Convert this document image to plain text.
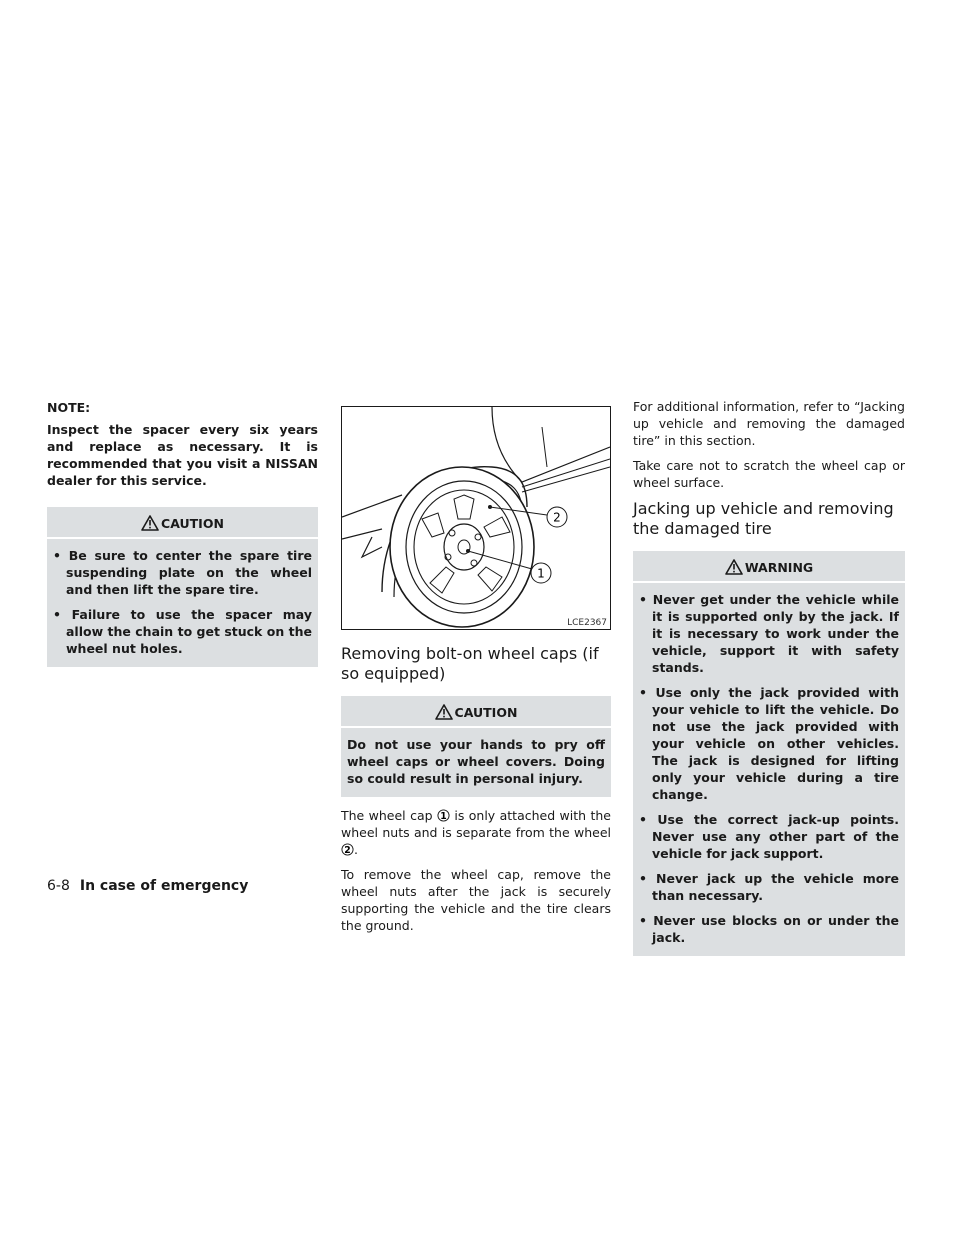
NOTE:
Inspect the spacer every six years and replace as necessary. It is recommended that you visit a NISSAN dealer for this service.
CAUTION
• Be sure to center the spare tire suspending plate on the wheel and then lift the spare tire.
• Failure to use the spacer may allow the chain to get stuck on the wheel nut holes.
2
1
LCE2367
Removing bolt-on wheel caps (if so equipped)
CAUTION
Do not use your hands to pry off wheel caps or wheel covers. Doing so could result in personal injury.
The wheel cap 1 is only attached with the wheel nuts and is separate from the wheel
2 .
To remove the wheel cap, remove the wheel nuts after the jack is securely supporting the vehicle and the tire clears the ground.
For additional information, refer to “Jacking up vehicle and removing the damaged tire” in this section.
Take care not to scratch the wheel cap or wheel surface.
Jacking up vehicle and removing the damaged tire
WARNING
• Never get under the vehicle while it is supported only by the jack. If it is necessary to work under the vehicle, support it with safety stands.
• Use only the jack provided with your vehicle to lift the vehicle. Do not use the jack provided with your vehicle on other vehicles. The jack is designed for lifting only your vehicle during a tire change.
• Use the correct jack-up points. Never use any other part of the vehicle for jack support.
• Never jack up the vehicle more than necessary.
• Never use blocks on or under the jack.
6-8 In case of emergency
